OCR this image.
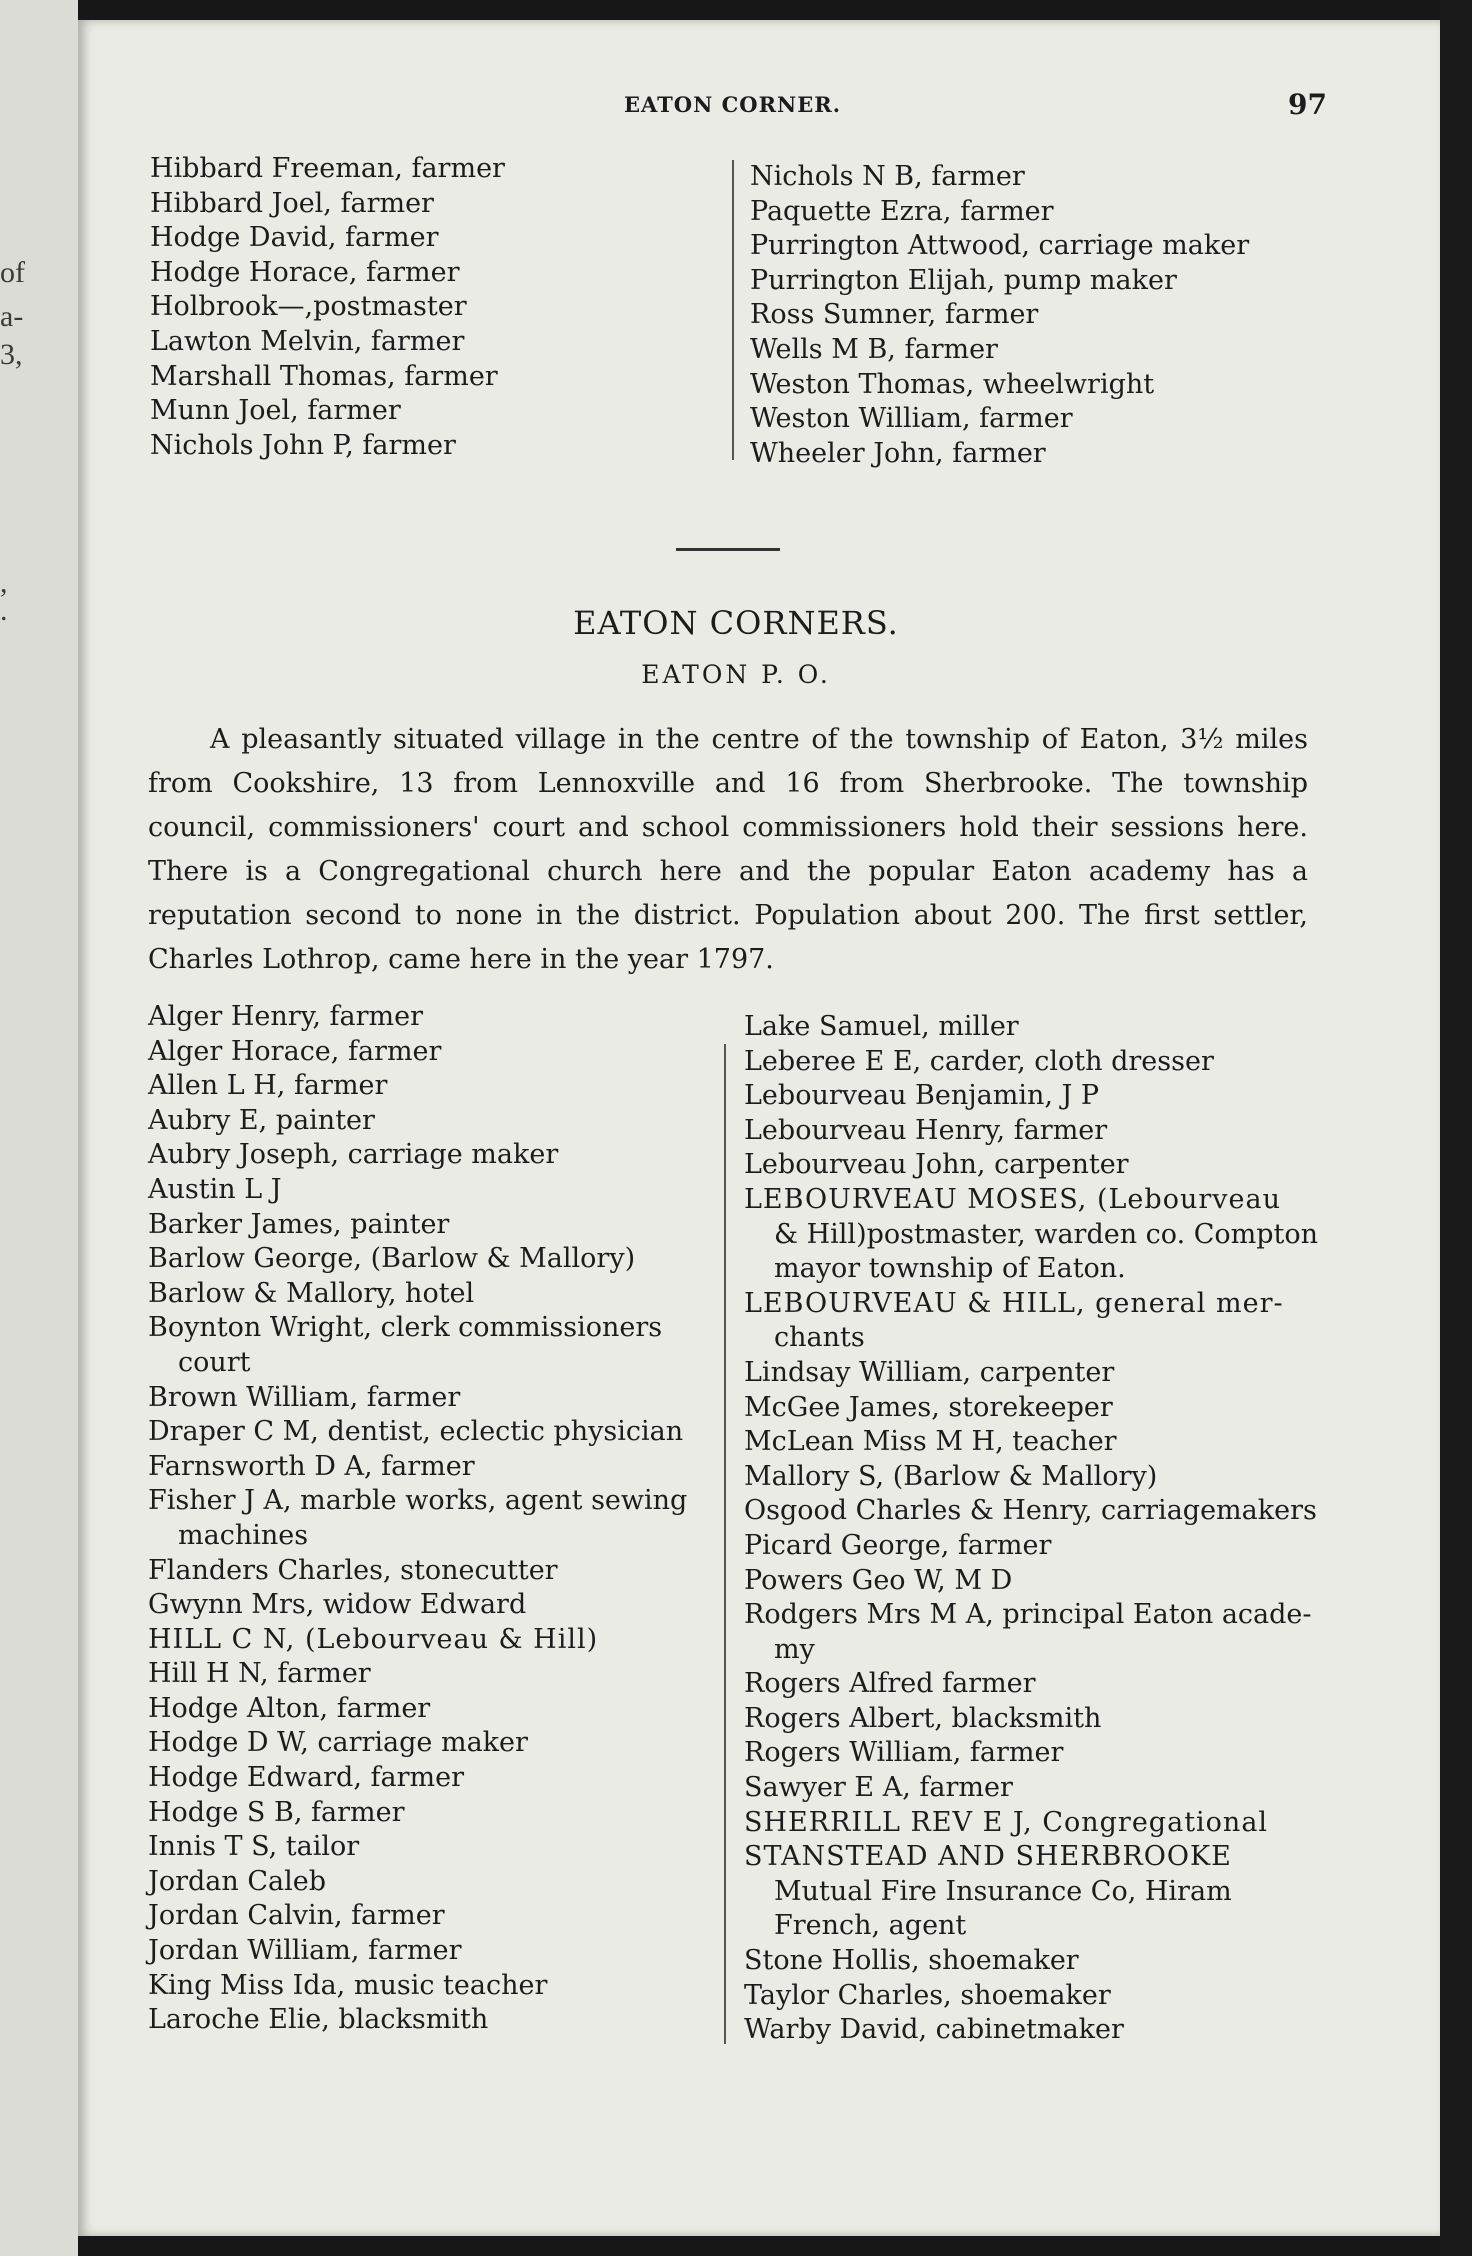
of
a-
3,
,
.
EATON CORNER.	97
Hibbard Freeman, farmer
Hibbard Joel, farmer
Hodge David, farmer
Hodge Horace, farmer
Holbrook—,postmaster
Lawton Melvin, farmer
Marshall Thomas, farmer
Munn Joel, farmer
Nichols John P, farmer
Nichols N B, farmer
Paquette Ezra, farmer
Purrington Attwood, carriage maker
Purrington Elijah, pump maker
Ross Sumner, farmer
Wells M B, farmer
Weston Thomas, wheelwright
Weston William, farmer
Wheeler John, farmer
EATON CORNERS.
EATON P. O.
A pleasantly situated village in the centre of the township of Eaton, 3½ miles from Cookshire, 13 from Lennoxville and 16 from Sherbrooke. The township council, commissioners' court and school commissioners hold their sessions here. There is a Congregational church here and the popular Eaton academy has a reputation second to none in the district. Population about 200. The first settler, Charles Lothrop, came here in the year 1797.
Alger Henry, farmer
Alger Horace, farmer
Allen L H, farmer
Aubry E, painter
Aubry Joseph, carriage maker
Austin L J
Barker James, painter
Barlow George, (Barlow & Mallory)
Barlow & Mallory, hotel
Boynton Wright, clerk commissioners
court
Brown William, farmer
Draper C M, dentist, eclectic physician
Farnsworth D A, farmer
Fisher J A, marble works, agent sewing
machines
Flanders Charles, stonecutter
Gwynn Mrs, widow Edward
HILL C N, (Lebourveau & Hill)
Hill H N, farmer
Hodge Alton, farmer
Hodge D W, carriage maker
Hodge Edward, farmer
Hodge S B, farmer
Innis T S, tailor
Jordan Caleb
Jordan Calvin, farmer
Jordan William, farmer
King Miss Ida, music teacher
Laroche Elie, blacksmith
Lake Samuel, miller
Leberee E E, carder, cloth dresser
Lebourveau Benjamin, J P
Lebourveau Henry, farmer
Lebourveau John, carpenter
LEBOURVEAU MOSES, (Lebourveau
& Hill)postmaster, warden co. Compton
mayor township of Eaton.
LEBOURVEAU & HILL, general mer-
chants
Lindsay William, carpenter
McGee James, storekeeper
McLean Miss M H, teacher
Mallory S, (Barlow & Mallory)
Osgood Charles & Henry, carriagemakers
Picard George, farmer
Powers Geo W, M D
Rodgers Mrs M A, principal Eaton acade-
my
Rogers Alfred farmer
Rogers Albert, blacksmith
Rogers William, farmer
Sawyer E A, farmer
SHERRILL REV E J, Congregational
STANSTEAD AND SHERBROOKE
Mutual Fire Insurance Co, Hiram
French, agent
Stone Hollis, shoemaker
Taylor Charles, shoemaker
Warby David, cabinetmaker
